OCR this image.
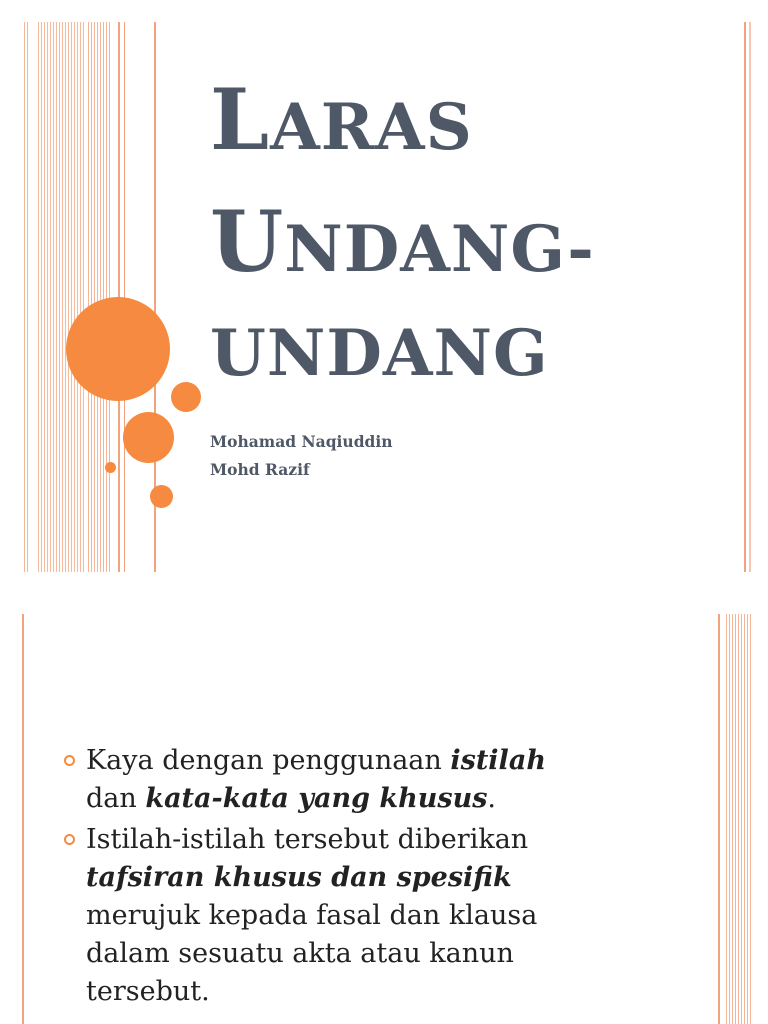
LARAS
UNDANG-
UNDANG
Mohamad Naqiuddin
Mohd Razif
Kaya dengan penggunaan istilah
dan kata-kata yang khusus.
Istilah-istilah tersebut diberikan
tafsiran khusus dan spesifik
merujuk kepada fasal dan klausa dalam sesuatu akta atau kanun tersebut.
